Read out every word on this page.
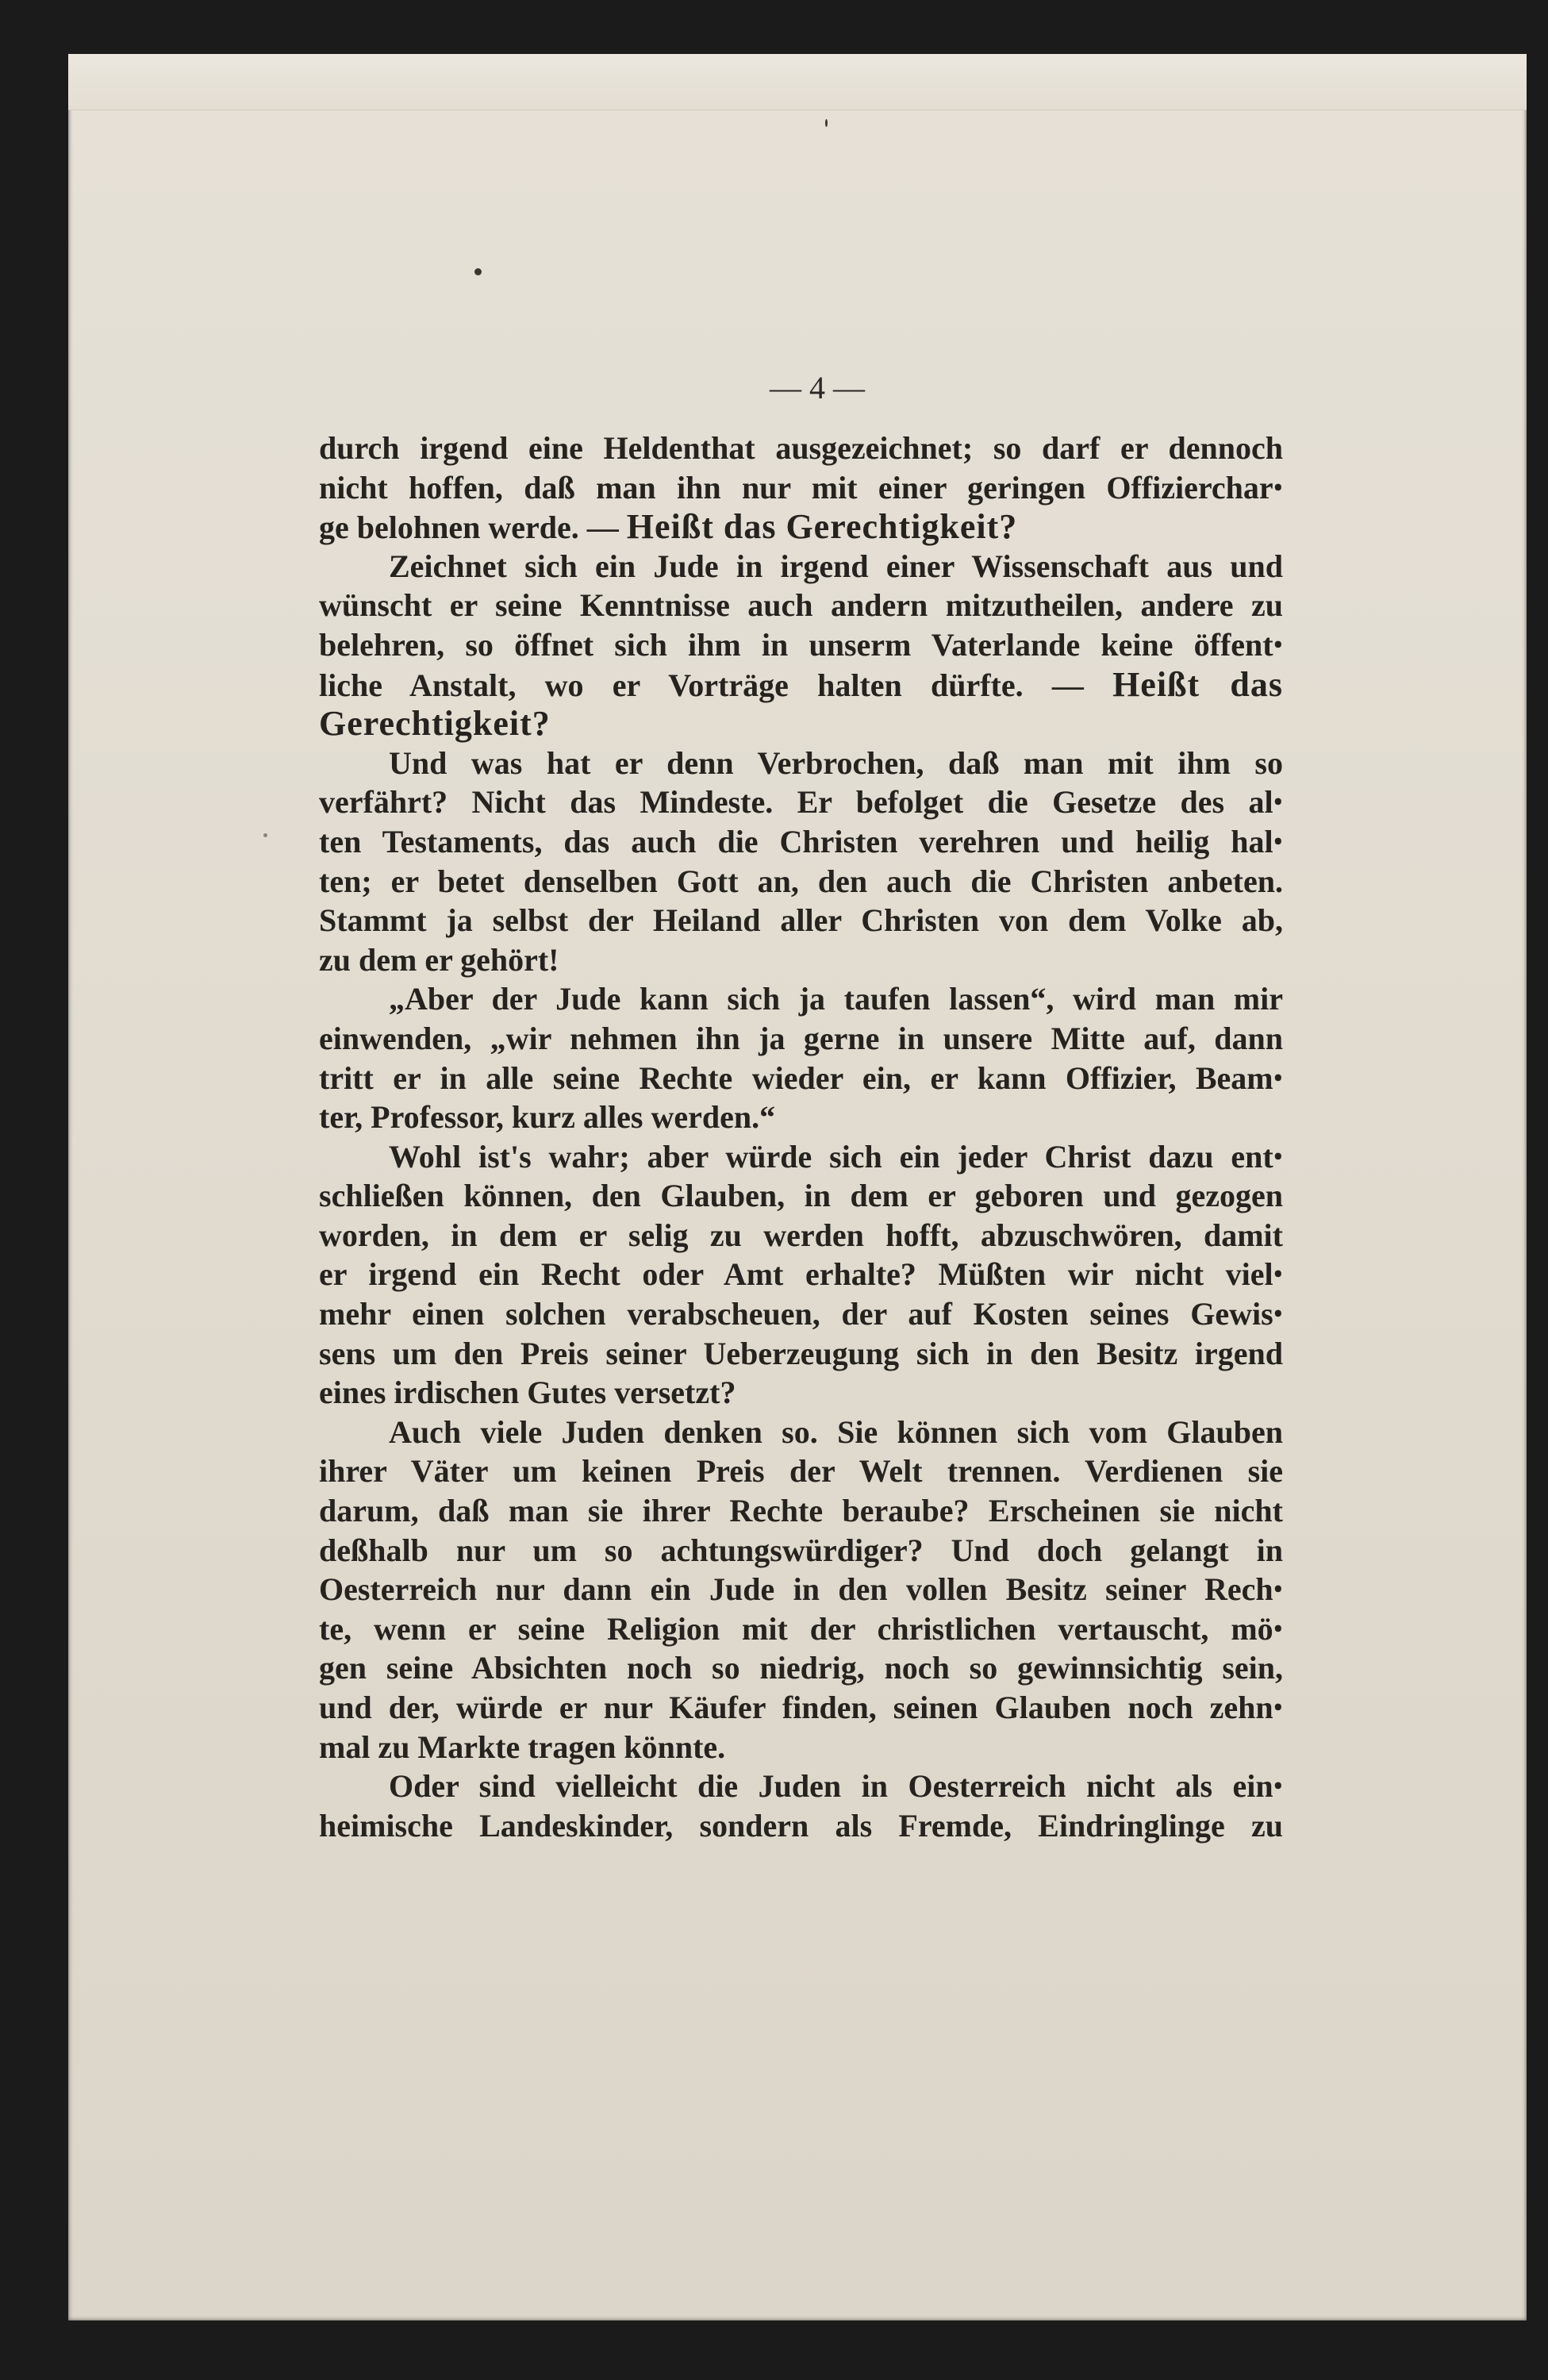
— 4 —
durch irgend eine Heldenthat ausgezeichnet; so darf er dennoch
nicht hoffen, daß man ihn nur mit einer geringen Offiziercharꞏ
ge belohnen werde. — Heißt das Gerechtigkeit?
Zeichnet sich ein Jude in irgend einer Wissenschaft aus und
wünscht er seine Kenntnisse auch andern mitzutheilen, andere zu
belehren, so öffnet sich ihm in unserm Vaterlande keine öffentꞏ
liche Anstalt, wo er Vorträge halten dürfte. — Heißt das
Gerechtigkeit?
Und was hat er denn Verbrochen, daß man mit ihm so
verfährt? Nicht das Mindeste. Er befolget die Gesetze des alꞏ
ten Testaments, das auch die Christen verehren und heilig halꞏ
ten; er betet denselben Gott an, den auch die Christen anbeten.
Stammt ja selbst der Heiland aller Christen von dem Volke ab,
zu dem er gehört!
„Aber der Jude kann sich ja taufen lassen“, wird man mir
einwenden, „wir nehmen ihn ja gerne in unsere Mitte auf, dann
tritt er in alle seine Rechte wieder ein, er kann Offizier, Beamꞏ
ter, Professor, kurz alles werden.“
Wohl ist's wahr; aber würde sich ein jeder Christ dazu entꞏ
schließen können, den Glauben, in dem er geboren und gezogen
worden, in dem er selig zu werden hofft, abzuschwören, damit
er irgend ein Recht oder Amt erhalte? Müßten wir nicht vielꞏ
mehr einen solchen verabscheuen, der auf Kosten seines Gewisꞏ
sens um den Preis seiner Ueberzeugung sich in den Besitz irgend
eines irdischen Gutes versetzt?
Auch viele Juden denken so. Sie können sich vom Glauben
ihrer Väter um keinen Preis der Welt trennen. Verdienen sie
darum, daß man sie ihrer Rechte beraube? Erscheinen sie nicht
deßhalb nur um so achtungswürdiger? Und doch gelangt in
Oesterreich nur dann ein Jude in den vollen Besitz seiner Rechꞏ
te, wenn er seine Religion mit der christlichen vertauscht, möꞏ
gen seine Absichten noch so niedrig, noch so gewinnsichtig sein,
und der, würde er nur Käufer finden, seinen Glauben noch zehnꞏ
mal zu Markte tragen könnte.
Oder sind vielleicht die Juden in Oesterreich nicht als einꞏ
heimische Landeskinder, sondern als Fremde, Eindringlinge zu
